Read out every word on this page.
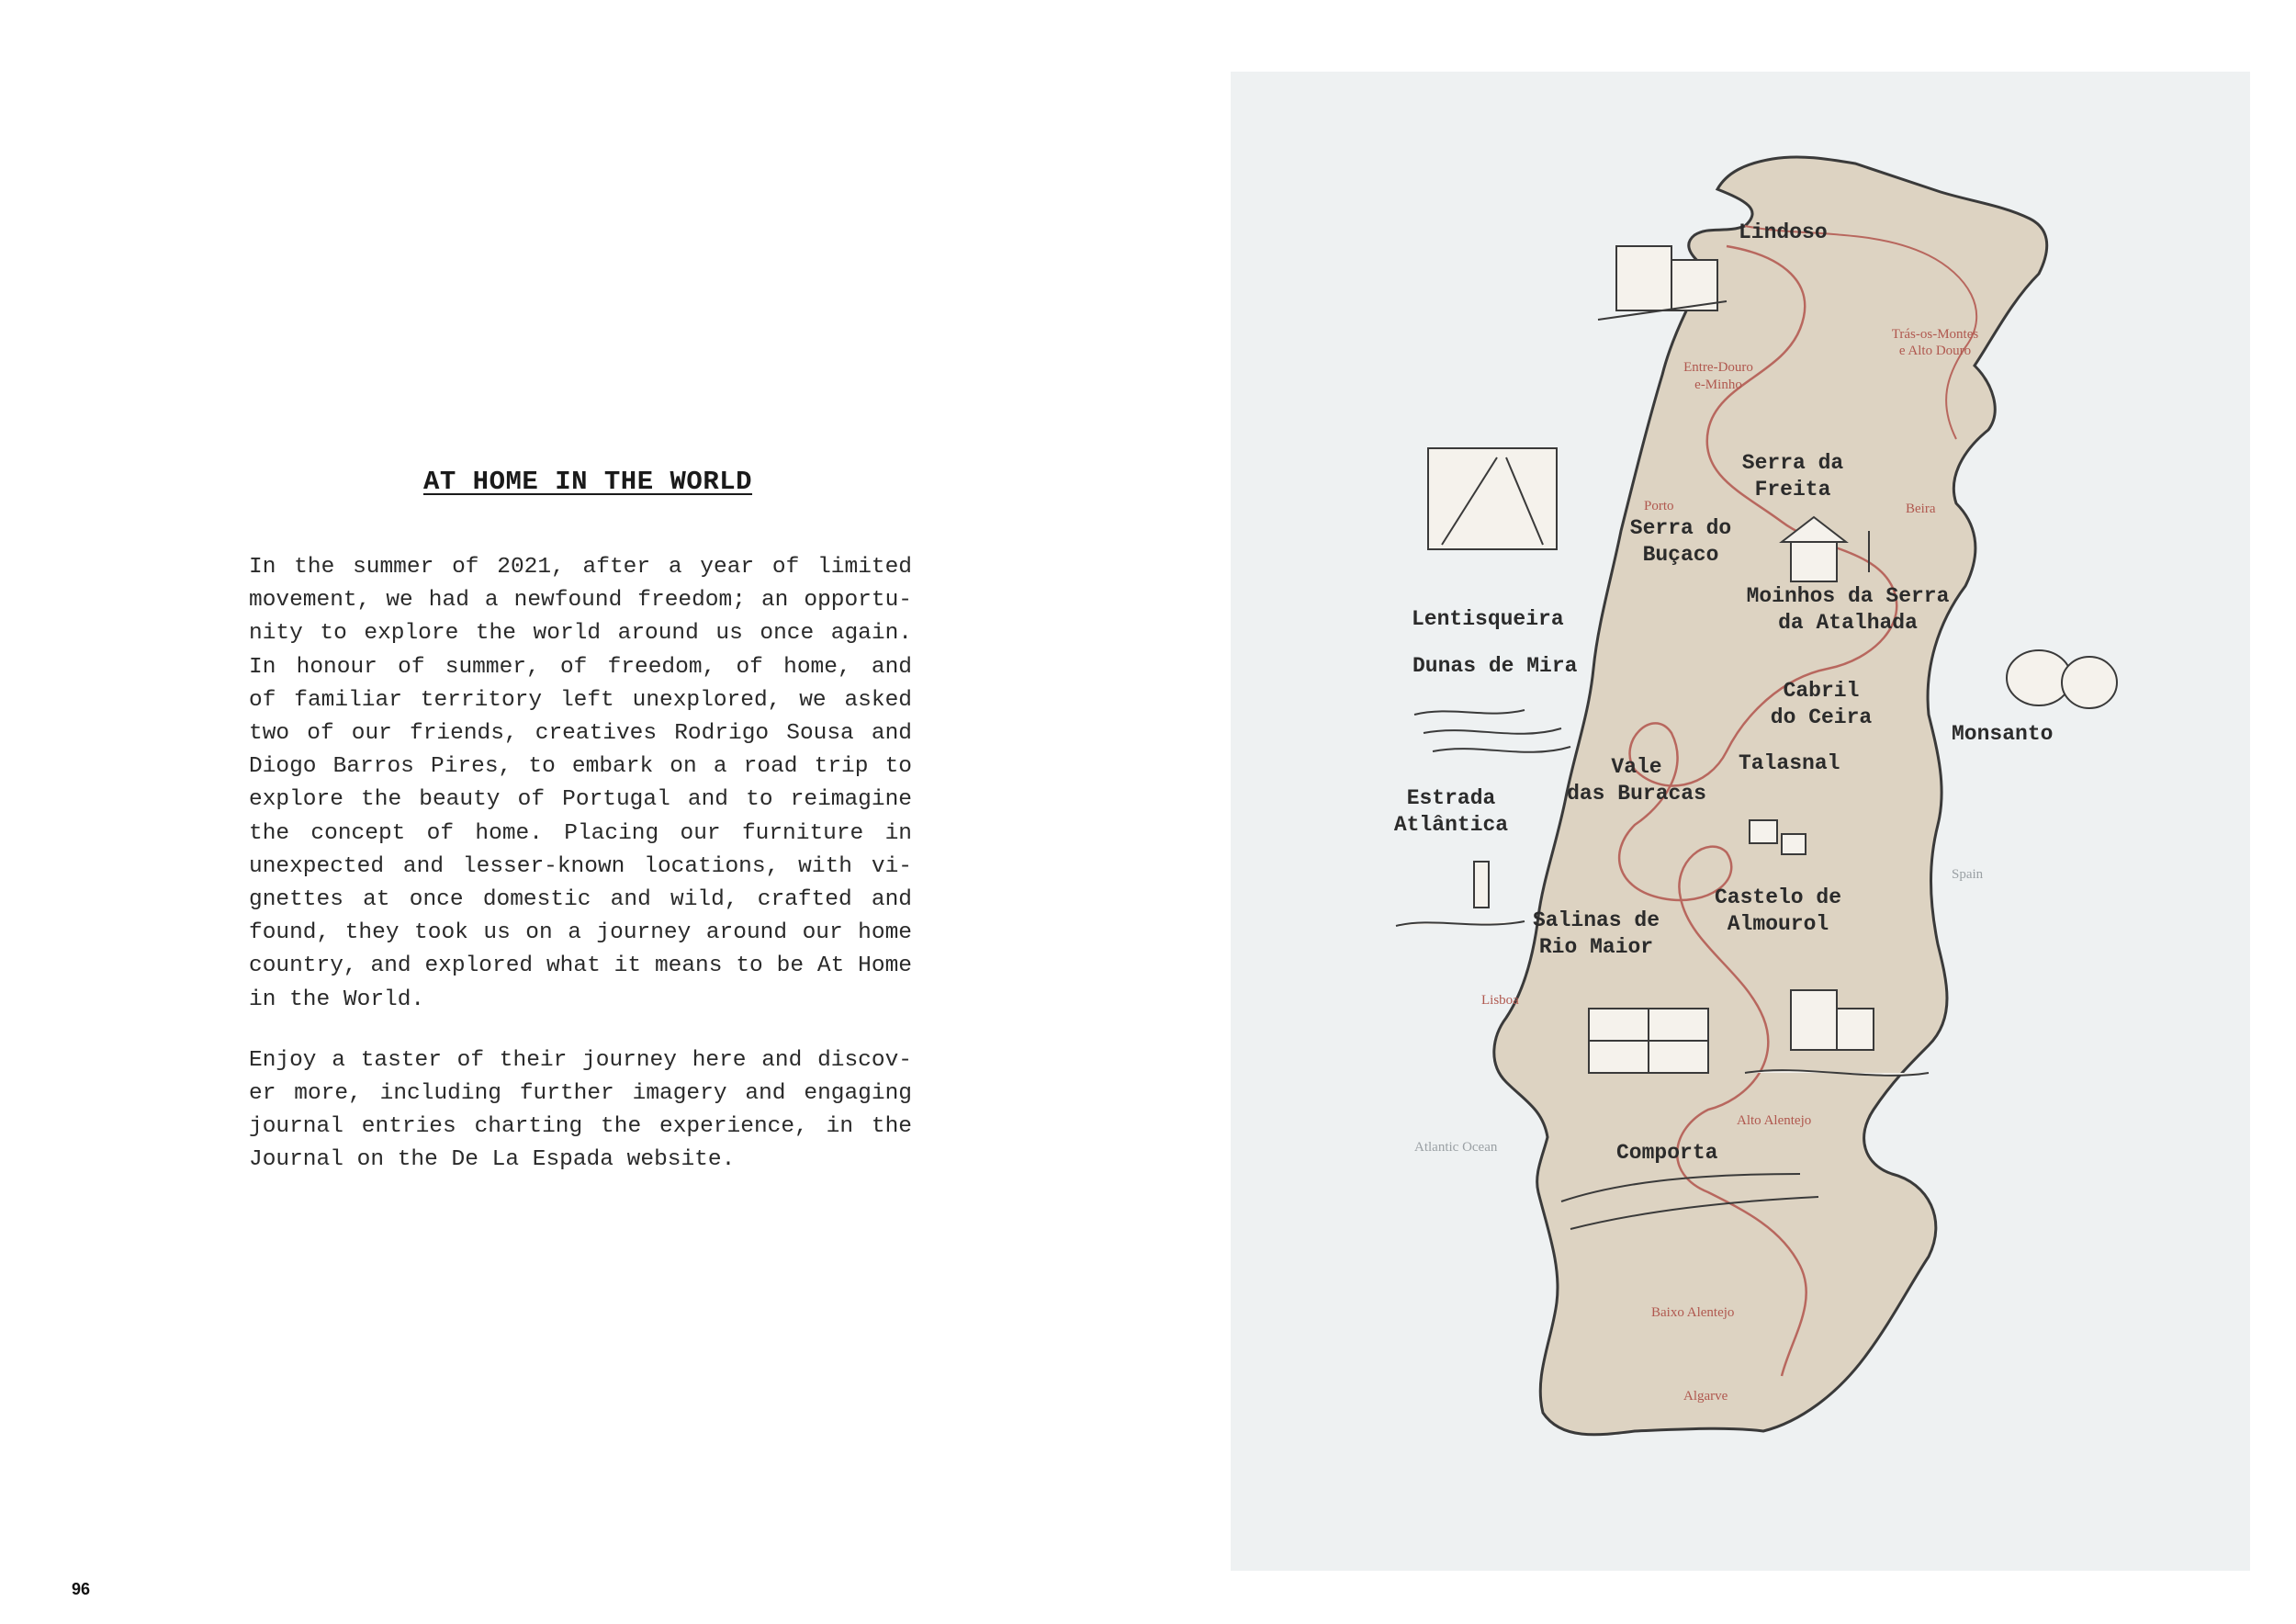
AT HOME IN THE WORLD

In the summer of 2021, after a year of limited
movement, we had a newfound freedom; an opportu-
nity to explore the world around us once again.
In honour of summer, of freedom, of home, and
of familiar territory left unexplored, we asked
two of our friends, creatives Rodrigo Sousa and
Diogo Barros Pires, to embark on a road trip to
explore the beauty of Portugal and to reimagine
the concept of home. Placing our furniture in
unexpected and lesser-known locations, with vi-
gnettes at once domestic and wild, crafted and
found, they took us on a journey around our home
country, and explored what it means to be At Home
in the World.

Enjoy a taster of their journey here and discov-
er more, including further imagery and engaging
journal entries charting the experience, in the
Journal on the De La Espada website.

96
Lindoso
Serra da
Freita
Serra do
Buçaco
Lentisqueira
Moinhos da Serra
da Atalhada
Dunas de Mira
Cabril
do Ceira
Monsanto
Talasnal
Vale
das Buracas
Estrada
Atlântica
Castelo de
Almourol
Salinas de
Rio Maior
Comporta
Trás-os-Montes
e Alto Douro
Entre-Douro
e-Minho
Porto	Beira
Spain
Lisboa
Alto Alentejo
Atlantic Ocean
Baixo Alentejo
Algarve
